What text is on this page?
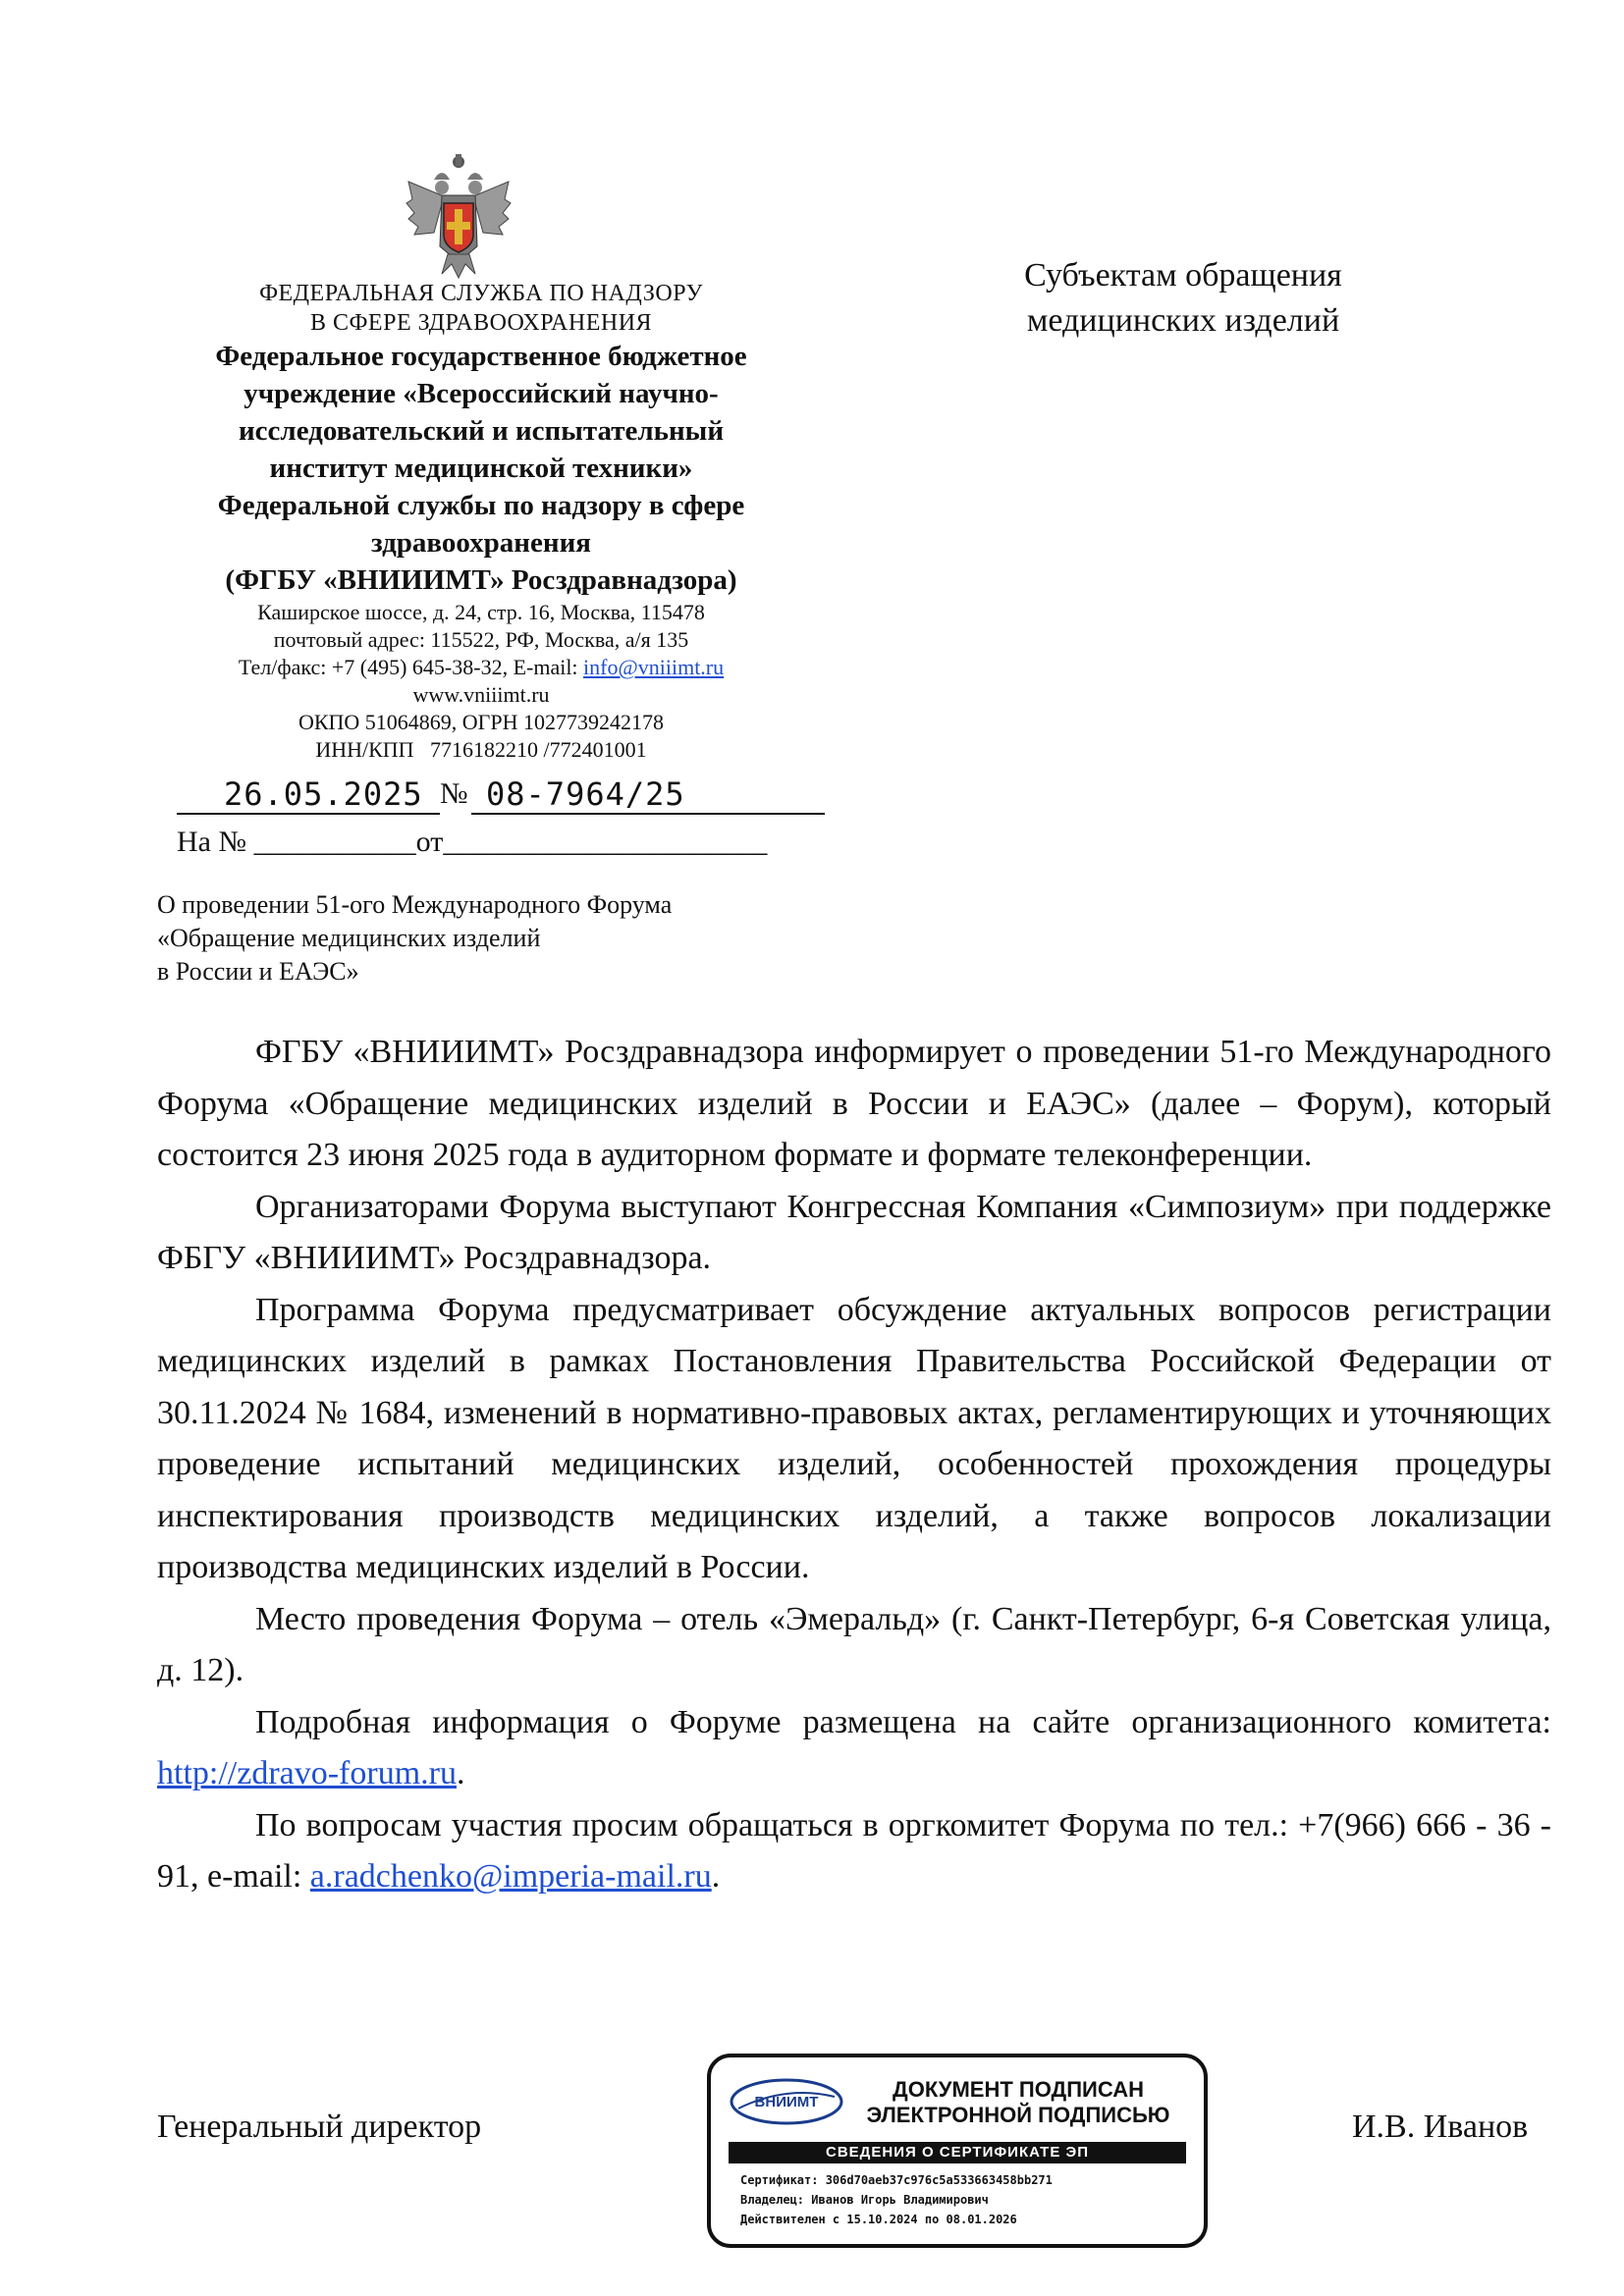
ФЕДЕРАЛЬНАЯ СЛУЖБА ПО НАДЗОРУ
В СФЕРЕ ЗДРАВООХРАНЕНИЯ
Федеральное государственное бюджетное
учреждение «Всероссийский научно-
исследовательский и испытательный
институт медицинской техники»
Федеральной службы по надзору в сфере
здравоохранения
(ФГБУ «ВНИИИМТ» Росздравнадзора)
Каширское шоссе, д. 24, стр. 16, Москва, 115478
почтовый адрес: 115522, РФ, Москва, а/я 135
Тел/факс: +7 (495) 645-38-32, E-mail: info@vniiimt.ru
www.vniiimt.ru
ОКПО 51064869, ОГРН 1027739242178
ИНН/КПП   7716182210 /772401001
Субъектам обращения
медицинских изделий
26.05.2025 № 08-7964/25
На № ___________от______________________
О проведении 51-ого Международного Форума
«Обращение медицинских изделий
в России и ЕАЭС»

ФГБУ «ВНИИИМТ» Росздравнадзора информирует о проведении 51-го Международного Форума «Обращение медицинских изделий в России и ЕАЭС» (далее – Форум), который состоится 23 июня 2025 года в аудиторном формате и формате телеконференции.

Организаторами Форума выступают Конгрессная Компания «Симпозиум» при поддержке ФБГУ «ВНИИИМТ» Росздравнадзора.

Программа Форума предусматривает обсуждение актуальных вопросов регистрации медицинских изделий в рамках Постановления Правительства Российской Федерации от 30.11.2024 № 1684, изменений в нормативно-правовых актах, регламентирующих и уточняющих проведение испытаний медицинских изделий, особенностей прохождения процедуры инспектирования производств медицинских изделий, а также вопросов локализации производства медицинских изделий в России.

Место проведения Форума – отель «Эмеральд» (г. Санкт-Петербург, 6-я Советская улица, д. 12).

Подробная информация о Форуме размещена на сайте организационного комитета: http://zdravo-forum.ru.

По вопросам участия просим обращаться в оргкомитет Форума по тел.: +7(966) 666 - 36 - 91, e-mail: a.radchenko@imperia-mail.ru.

Генеральный директор	И.В. Иванов
ВНИИМТ
ДОКУМЕНТ ПОДПИСАН
ЭЛЕКТРОННОЙ ПОДПИСЬЮ
СВЕДЕНИЯ О СЕРТИФИКАТЕ ЭП
Сертификат: 306d70aeb37c976c5a533663458bb271
Владелец: Иванов Игорь Владимирович
Действителен с 15.10.2024 по 08.01.2026
